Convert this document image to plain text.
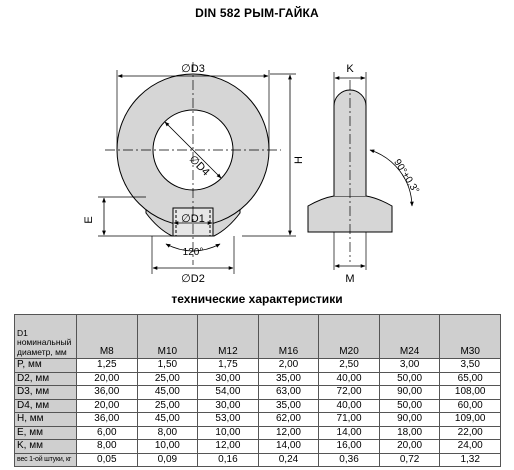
DIN 582 РЫМ-ГАЙКА
∅D3
∅D4
∅D1
120°
∅D2
H
E
K
M
90°±0.3°
технические характеристики
D1
номинальный
диаметр, мм	M8	M10	M12	M16	M20	M24	M30
P, мм	1,25	1,50	1,75	2,00	2,50	3,00	3,50
D2, мм	20,00	25,00	30,00	35,00	40,00	50,00	65,00
D3, мм	36,00	45,00	54,00	63,00	72,00	90,00	108,00
D4, мм	20,00	25,00	30,00	35,00	40,00	50,00	60,00
H, мм	36,00	45,00	53,00	62,00	71,00	90,00	109,00
E, мм	6,00	8,00	10,00	12,00	14,00	18,00	22,00
K, мм	8,00	10,00	12,00	14,00	16,00	20,00	24,00
вес 1-ой штуки, кг	0,05	0,09	0,16	0,24	0,36	0,72	1,32
